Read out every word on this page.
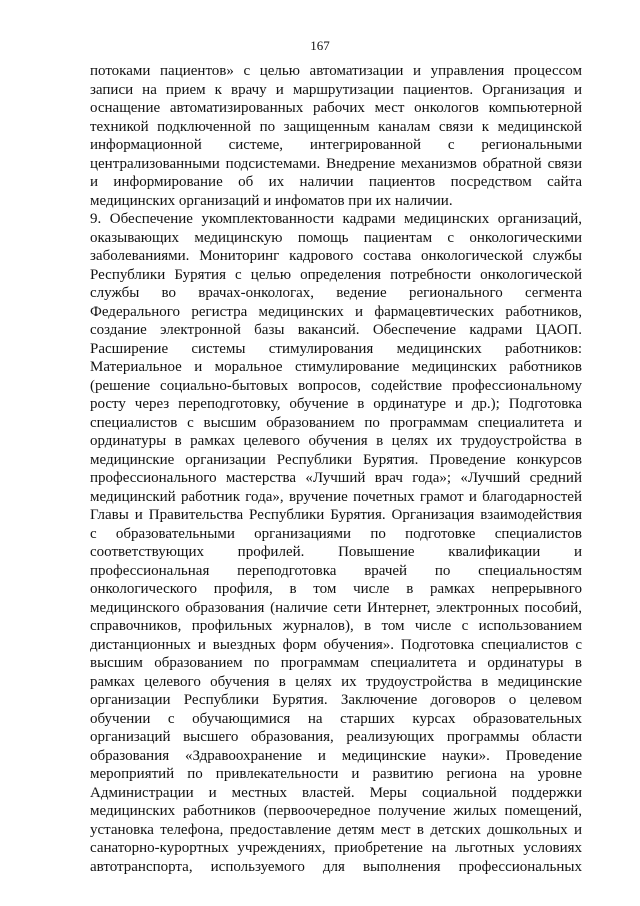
167
потоками пациентов» с целью автоматизации и управления процессом
записи на прием к врачу и маршрутизации пациентов. Организация и
оснащение автоматизированных рабочих мест онкологов компьютерной
техникой подключенной по защищенным каналам связи к медицинской
информационной системе, интегрированной с региональными
централизованными подсистемами. Внедрение механизмов обратной связи
и информирование об их наличии пациентов посредством сайта
медицинских организаций и инфоматов при их наличии.
9. Обеспечение укомплектованности кадрами медицинских организаций,
оказывающих медицинскую помощь пациентам с онкологическими
заболеваниями. Мониторинг кадрового состава онкологической службы
Республики Бурятия с целью определения потребности онкологической
службы во врачах-онкологах, ведение регионального сегмента
Федерального регистра медицинских и фармацевтических работников,
создание электронной базы вакансий. Обеспечение кадрами ЦАОП.
Расширение системы стимулирования медицинских работников:
Материальное и моральное стимулирование медицинских работников
(решение социально-бытовых вопросов, содействие профессиональному
росту через переподготовку, обучение в ординатуре и др.); Подготовка
специалистов с высшим образованием по программам специалитета и
ординатуры в рамках целевого обучения в целях их трудоустройства в
медицинские организации Республики Бурятия. Проведение конкурсов
профессионального мастерства «Лучший врач года»; «Лучший средний
медицинский работник года», вручение почетных грамот и благодарностей
Главы и Правительства Республики Бурятия. Организация взаимодействия
с образовательными организациями по подготовке специалистов
соответствующих профилей. Повышение квалификации и
профессиональная переподготовка врачей по специальностям
онкологического профиля, в том числе в рамках непрерывного
медицинского образования (наличие сети Интернет, электронных пособий,
справочников, профильных журналов), в том числе с использованием
дистанционных и выездных форм обучения». Подготовка специалистов с
высшим образованием по программам специалитета и ординатуры в
рамках целевого обучения в целях их трудоустройства в медицинские
организации Республики Бурятия. Заключение договоров о целевом
обучении с обучающимися на старших курсах образовательных
организаций высшего образования, реализующих программы области
образования «Здравоохранение и медицинские науки». Проведение
мероприятий по привлекательности и развитию региона на уровне
Администрации и местных властей. Меры социальной поддержки
медицинских работников (первоочередное получение жилых помещений,
установка телефона, предоставление детям мест в детских дошкольных и
санаторно-курортных учреждениях, приобретение на льготных условиях
автотранспорта, используемого для выполнения профессиональных
